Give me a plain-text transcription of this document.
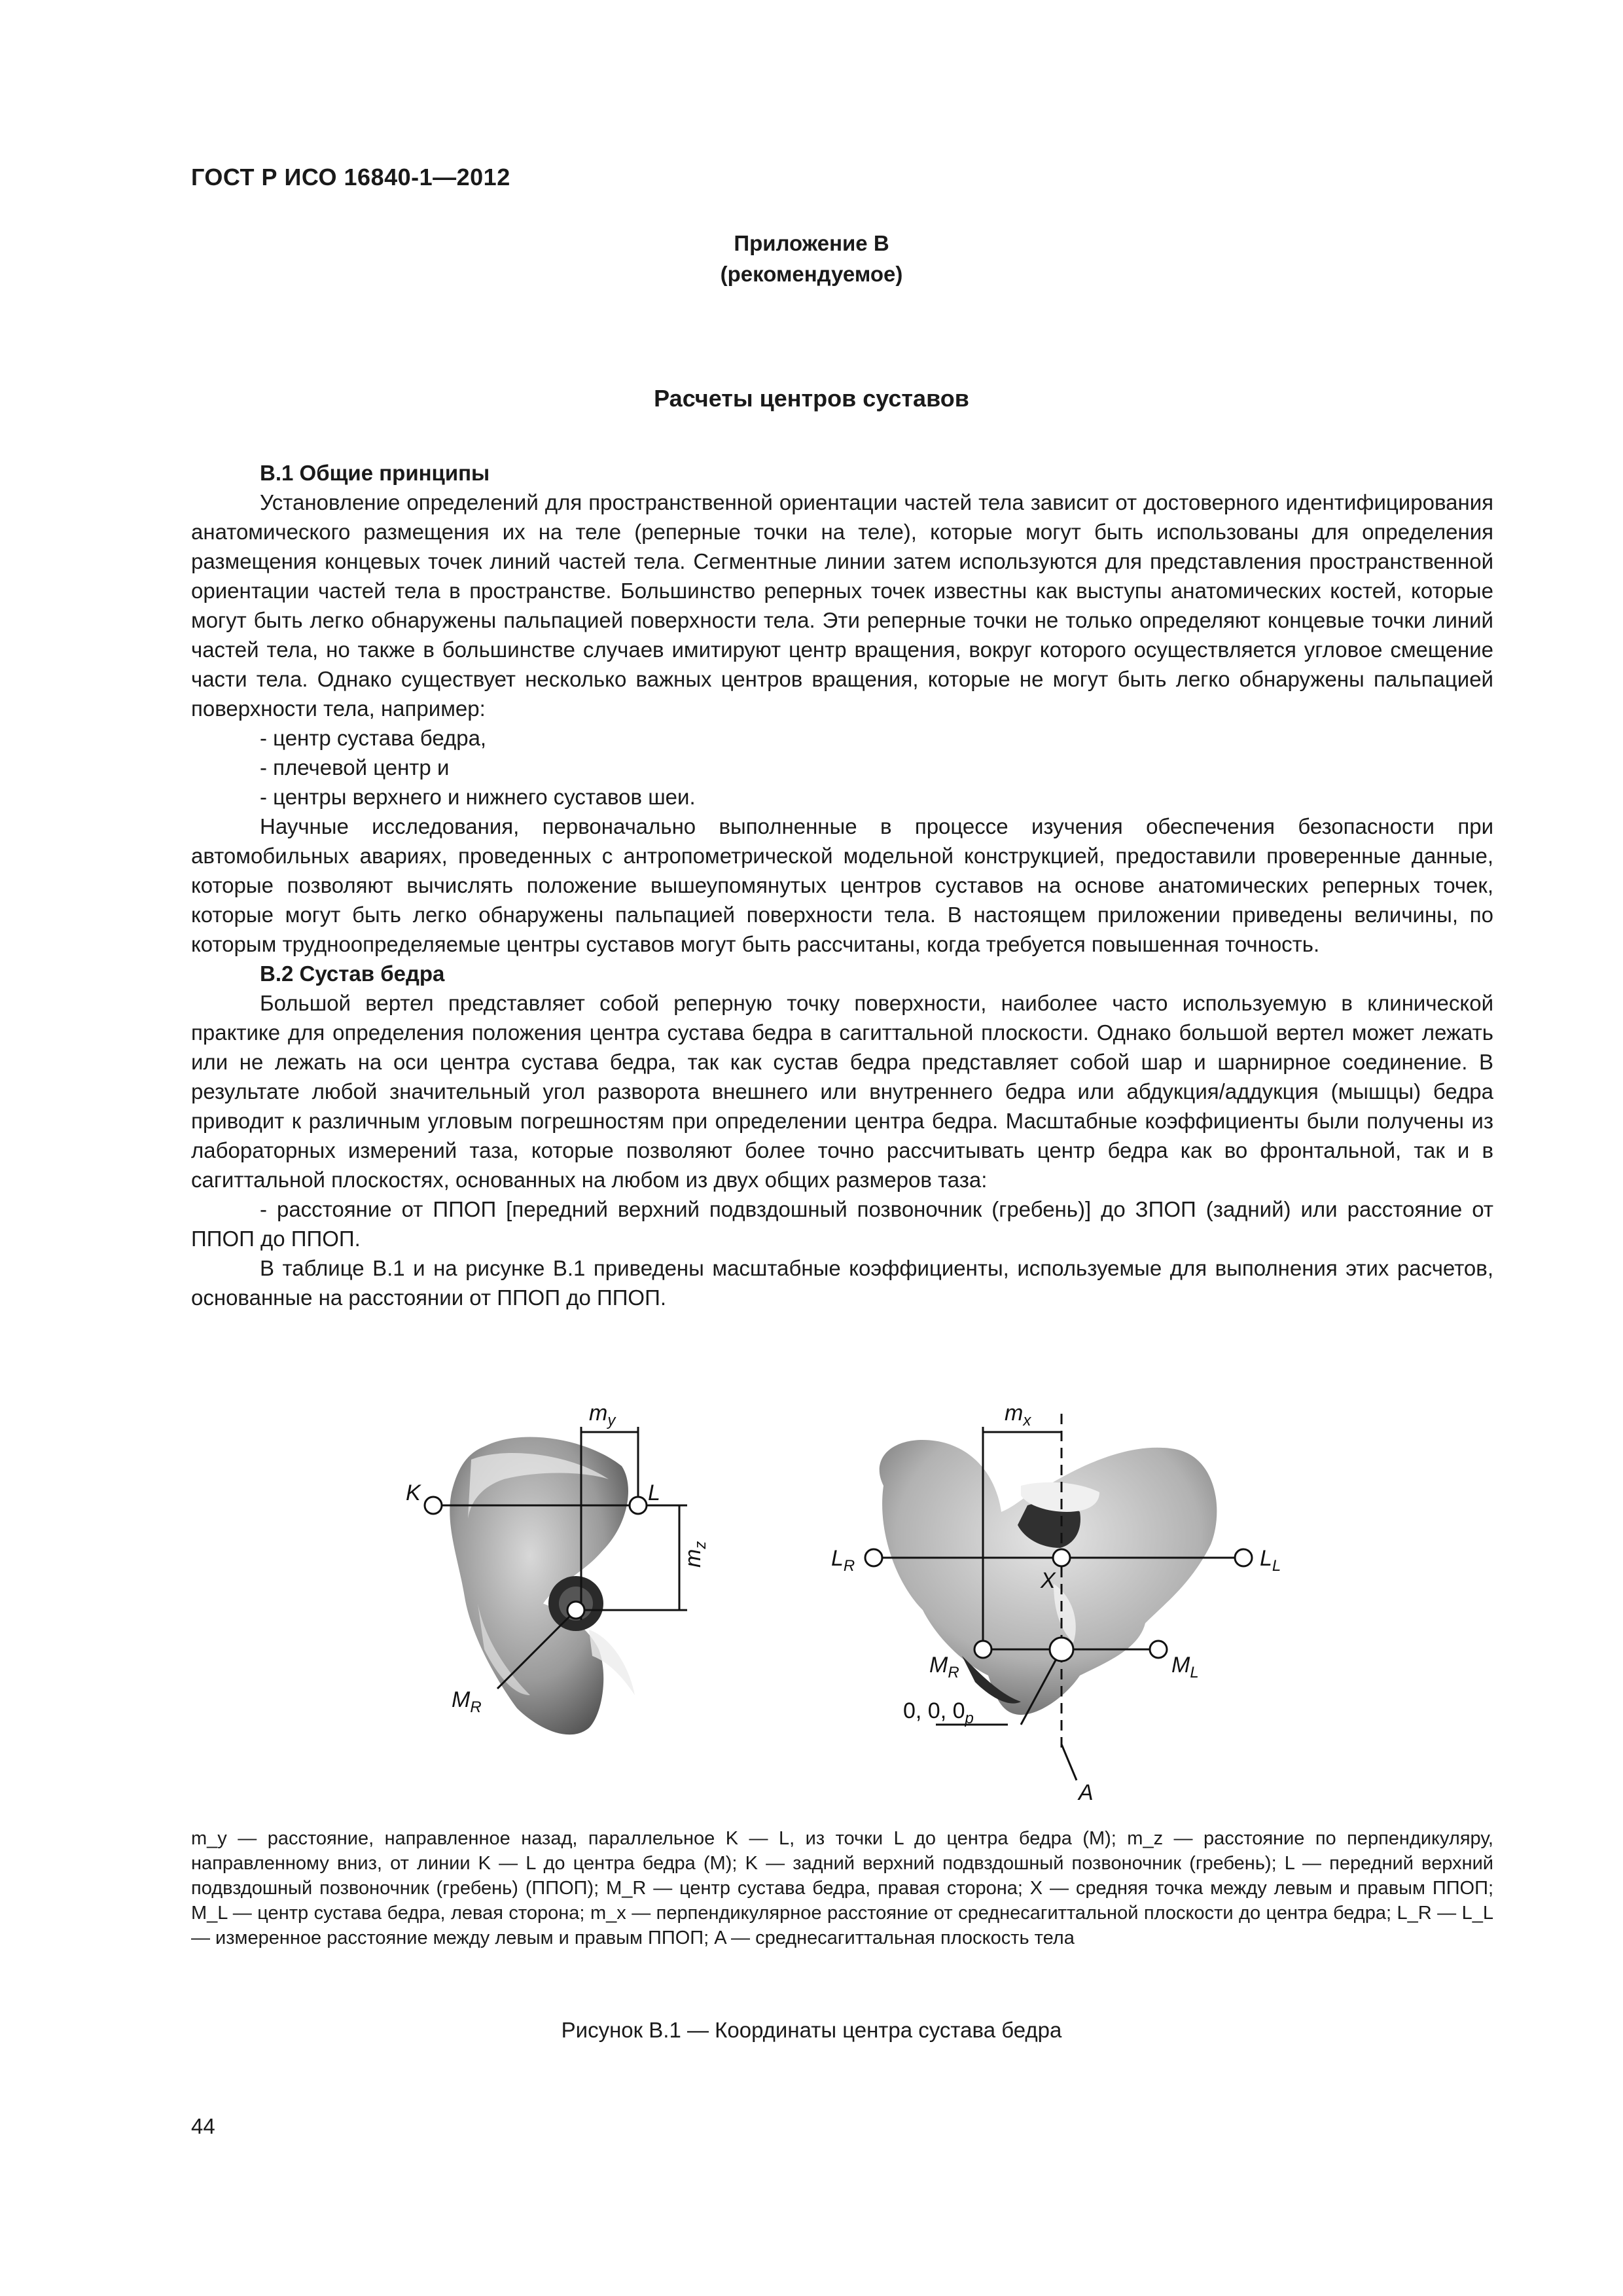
ГОСТ Р ИСО 16840-1—2012
Приложение В
(рекомендуемое)
Расчеты центров суставов

В.1 Общие принципы

Установление определений для пространственной ориентации частей тела зависит от достоверного идентифицирования анатомического размещения их на теле (реперные точки на теле), которые могут быть использованы для определения размещения концевых точек линий частей тела. Сегментные линии затем используются для представления пространственной ориентации частей тела в пространстве. Большинство реперных точек известны как выступы анатомических костей, которые могут быть легко обнаружены пальпацией поверхности тела. Эти реперные точки не только определяют концевые точки линий частей тела, но также в большинстве случаев имитируют центр вращения, вокруг которого осуществляется угловое смещение части тела. Однако существует несколько важных центров вращения, которые не могут быть легко обнаружены пальпацией поверхности тела, например:

- центр сустава бедра,

- плечевой центр и

- центры верхнего и нижнего суставов шеи.

Научные исследования, первоначально выполненные в процессе изучения обеспечения безопасности при автомобильных авариях, проведенных с антропометрической модельной конструкцией, предоставили проверенные данные, которые позволяют вычислять положение вышеупомянутых центров суставов на основе анатомических реперных точек, которые могут быть легко обнаружены пальпацией поверхности тела. В настоящем приложении приведены величины, по которым трудноопределяемые центры суставов могут быть рассчитаны, когда требуется повышенная точность.

В.2 Сустав бедра

Большой вертел представляет собой реперную точку поверхности, наиболее часто используемую в клинической практике для определения положения центра сустава бедра в сагиттальной плоскости. Однако большой вертел может лежать или не лежать на оси центра сустава бедра, так как сустав бедра представляет собой шар и шарнирное соединение. В результате любой значительный угол разворота внешнего или внутреннего бедра или абдукция/аддукция (мышцы) бедра приводит к различным угловым погрешностям при определении центра бедра. Масштабные коэффициенты были получены из лабораторных измерений таза, которые позволяют более точно рассчитывать центр бедра как во фронтальной, так и в сагиттальной плоскостях, основанных на любом из двух общих размеров таза:

- расстояние от ППОП [передний верхний подвздошный позвоночник (гребень)] до ЗПОП (задний) или расстояние от ППОП до ППОП.

В таблице В.1 и на рисунке В.1 приведены масштабные коэффициенты, используемые для выполнения этих расчетов, основанные на расстоянии от ППОП до ППОП.

K	L
$m_y$
$m_z$
$M_R$
$m_x$
$L_R$	$L_L$
X
$M_R$	$M_L$
0, 0, $0_p$
A
m_y — расстояние, направленное назад, параллельное K — L, из точки L до центра бедра (M); m_z — расстояние по перпендикуляру, направленному вниз, от линии K — L до центра бедра (M); K — задний верхний подвздошный позвоночник (гребень); L — передний верхний подвздошный позвоночник (гребень) (ППОП); M_R — центр сустава бедра, правая сторона; X — средняя точка между левым и правым ППОП; M_L — центр сустава бедра, левая сторона; m_x — перпендикулярное расстояние от среднесагиттальной плоскости до центра бедра; L_R — L_L — измеренное расстояние между левым и правым ППОП; A — среднесагиттальная плоскость тела
Рисунок В.1 — Координаты центра сустава бедра
44
